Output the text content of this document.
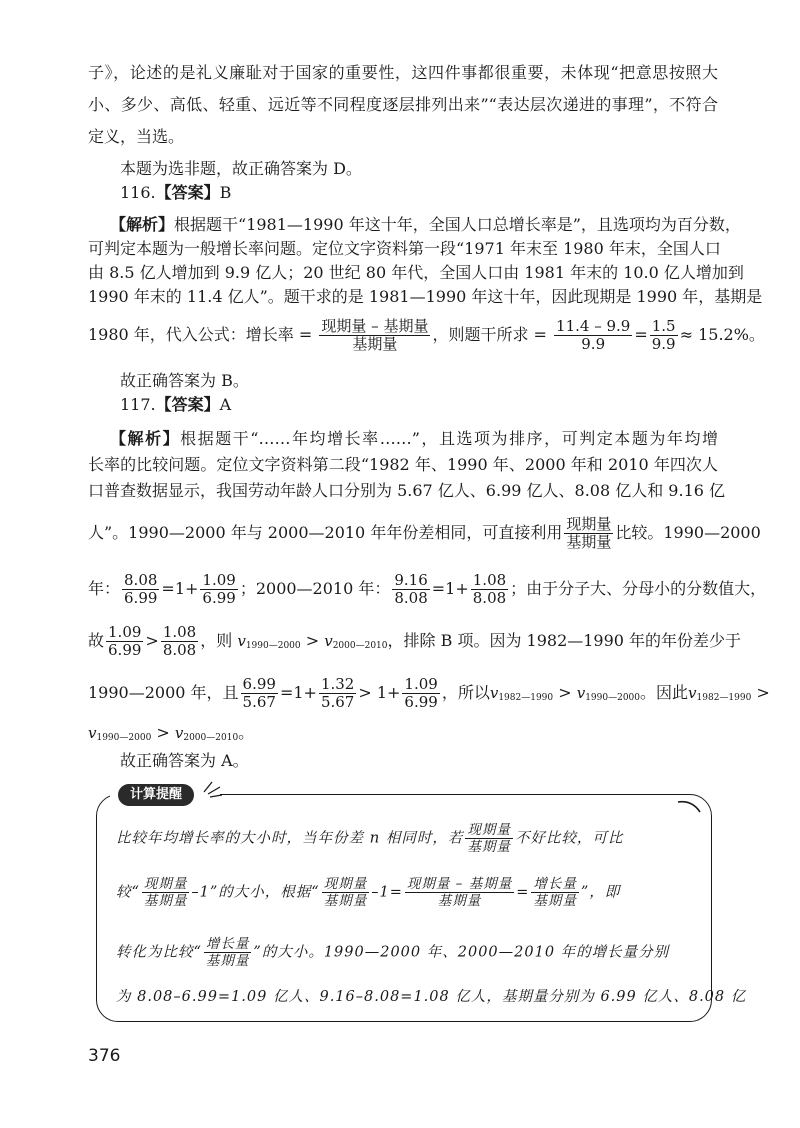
子》，论述的是礼义廉耻对于国家的重要性，这四件事都很重要，未体现“把意思按照大
小、多少、高低、轻重、远近等不同程度逐层排列出来”“表达层次递进的事理”，不符合
定义，当选。
本题为选非题，故正确答案为 D。
116.【答案】B
【解析】根据题干“1981—1990 年这十年，全国人口总增长率是”，且选项均为百分数，
可判定本题为一般增长率问题。定位文字资料第一段“1971 年末至 1980 年末，全国人口
由 8.5 亿人增加到 9.9 亿人；20 世纪 80 年代，全国人口由 1981 年末的 10.0 亿人增加到
1990 年末的 11.4 亿人”。题干求的是 1981—1990 年这十年，因此现期是 1990 年，基期是
1980 年，代入公式：增长率 = $\frac{\text{现期量 – 基期量}}{\text{基期量}}$ ，则题干所求 = $\frac{11.4 - 9.9}{9.9} = \frac{1.5}{9.9} \approx 15.2\%$。
故正确答案为 B。
117.【答案】A
【解析】根据题干“……年均增长率……”，且选项为排序，可判定本题为年均增
长率的比较问题。定位文字资料第二段“1982 年、1990 年、2000 年和 2010 年四次人
口普查数据显示，我国劳动年龄人口分别为 5.67 亿人、6.99 亿人、8.08 亿人和 9.16 亿
人”。1990—2000 年与 2000—2010 年年份差相同，可直接利用 $\frac{\text{现期量}}{\text{基期量}}$ 比较。1990—2000
年： $\frac{8.08}{6.99} =1+ \frac{1.09}{6.99}$ ；2000—2010 年： $\frac{9.16}{8.08} =1+ \frac{1.08}{8.08}$ ；由于分子大、分母小的分数值大，
故 $\frac{1.09}{6.99} > \frac{1.08}{8.08}$ ，则 $v_{1990—2000} > v_{2000—2010}$，排除 B 项。因为 1982—1990 年的年份差少于
1990—2000 年，且 $\frac{6.99}{5.67} =1+ \frac{1.32}{5.67} > 1+ \frac{1.09}{6.99}$ ，所以$v_{1982—1990} > v_{1990—2000}$。因此$v_{1982—1990}$ >
$v_{1990—2000} > v_{2000—2010}$。
故正确答案为 A。
计算提醒
比较年均增长率的大小时，当年份差 n 相同时，若 $\frac{\text{现期量}}{\text{基期量}}$ 不好比较，可比
较“ $\frac{\text{现期量}}{\text{基期量}} -1$”的大小，根据“ $\frac{\text{现期量}}{\text{基期量}} -1= \frac{\text{现期量 – 基期量}}{\text{基期量}} = \frac{\text{增长量}}{\text{基期量}}$ ”，即
转化为比较“ $\frac{\text{增长量}}{\text{基期量}}$ ”的大小。1990—2000 年、2000—2010 年的增长量分别
为 8.08–6.99=1.09 亿人、9.16–8.08=1.08 亿人，基期量分别为 6.99 亿人、8.08 亿
376
